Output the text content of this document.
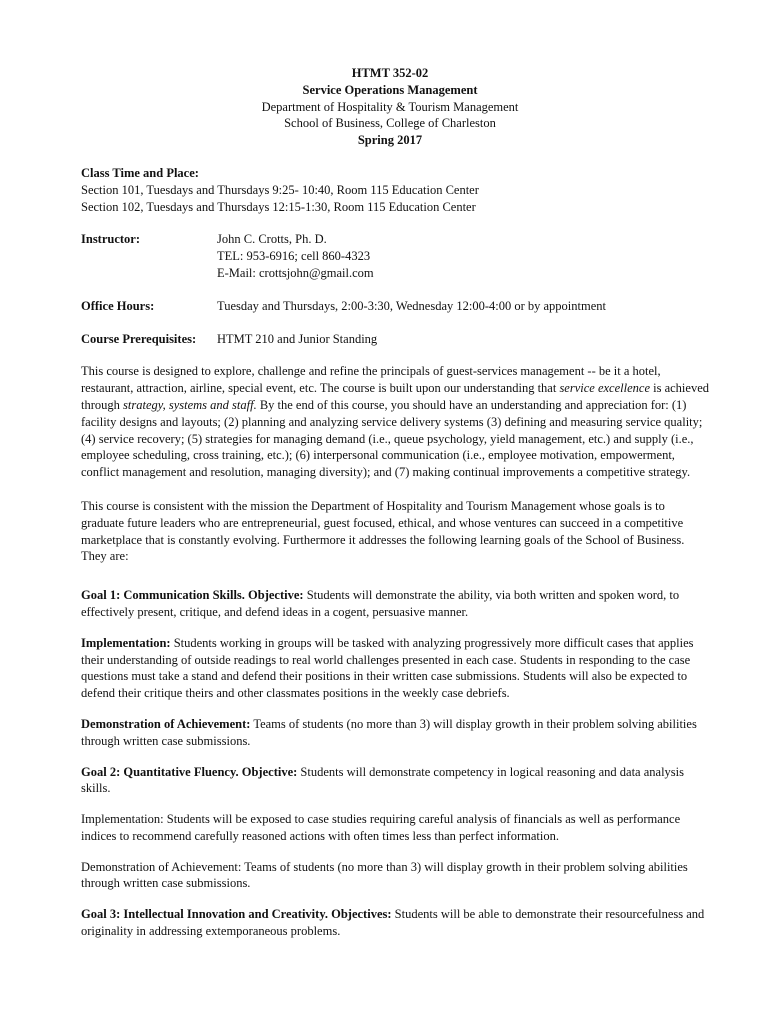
HTMT 352-02
Service Operations Management
Department of Hospitality & Tourism Management
School of Business, College of Charleston
Spring 2017
Class Time and Place:
Section 101, Tuesdays and Thursdays 9:25- 10:40, Room 115 Education Center
Section 102, Tuesdays and Thursdays 12:15-1:30, Room 115 Education Center
Instructor:	John C. Crotts, Ph. D.
TEL: 953-6916; cell 860-4323
E-Mail: crottsjohn@gmail.com
Office Hours:	Tuesday and Thursdays, 2:00-3:30, Wednesday 12:00-4:00 or by appointment
Course Prerequisites:	HTMT 210 and Junior Standing

This course is designed to explore, challenge and refine the principals of guest-services management -- be it a hotel, restaurant, attraction, airline, special event, etc. The course is built upon our understanding that service excellence is achieved through strategy, systems and staff. By the end of this course, you should have an understanding and appreciation for: (1) facility designs and layouts; (2) planning and analyzing service delivery systems (3) defining and measuring service quality; (4) service recovery; (5) strategies for managing demand (i.e., queue psychology, yield management, etc.) and supply (i.e., employee scheduling, cross training, etc.); (6) interpersonal communication (i.e., employee motivation, empowerment, conflict management and resolution, managing diversity); and (7) making continual improvements a competitive strategy.

This course is consistent with the mission the Department of Hospitality and Tourism Management whose goals is to graduate future leaders who are entrepreneurial, guest focused, ethical, and whose ventures can succeed in a competitive marketplace that is constantly evolving. Furthermore it addresses the following learning goals of the School of Business. They are:

Goal 1: Communication Skills. Objective: Students will demonstrate the ability, via both written and spoken word, to effectively present, critique, and defend ideas in a cogent, persuasive manner.

Implementation: Students working in groups will be tasked with analyzing progressively more difficult cases that applies their understanding of outside readings to real world challenges presented in each case. Students in responding to the case questions must take a stand and defend their positions in their written case submissions. Students will also be expected to defend their critique theirs and other classmates positions in the weekly case debriefs.

Demonstration of Achievement: Teams of students (no more than 3) will display growth in their problem solving abilities through written case submissions.

Goal 2: Quantitative Fluency. Objective: Students will demonstrate competency in logical reasoning and data analysis skills.

Implementation: Students will be exposed to case studies requiring careful analysis of financials as well as performance indices to recommend carefully reasoned actions with often times less than perfect information.

Demonstration of Achievement: Teams of students (no more than 3) will display growth in their problem solving abilities through written case submissions.

Goal 3: Intellectual Innovation and Creativity. Objectives: Students will be able to demonstrate their resourcefulness and originality in addressing extemporaneous problems.
